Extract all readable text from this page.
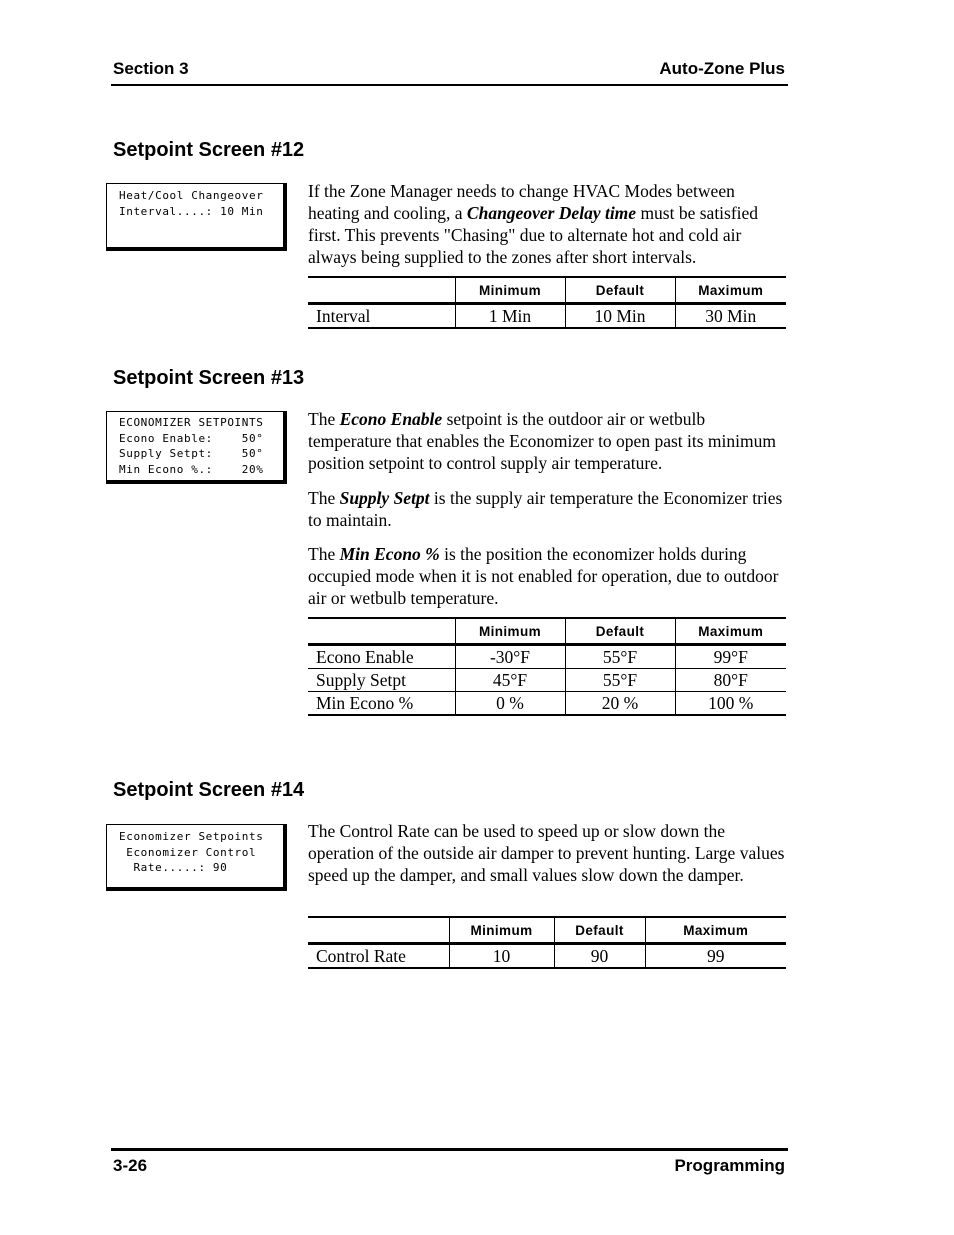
Section 3	Auto-Zone Plus
Setpoint Screen #12
Heat/Cool Changeover
Interval....: 10 Min

If the Zone Manager needs to change HVAC Modes between heating and cooling, a Changeover Delay time must be satisfied first. This prevents "Chasing" due to alternate hot and cold air always being supplied to the zones after short intervals.

	Minimum	Default	Maximum
Interval	1 Min	10 Min	30 Min
Setpoint Screen #13
ECONOMIZER SETPOINTS
Econo Enable:    50°
Supply Setpt:    50°
Min Econo %.:    20%

The Econo Enable setpoint is the outdoor air or wetbulb temperature that enables the Economizer to open past its minimum position setpoint to control supply air temperature.

The Supply Setpt is the supply air temperature the Economizer tries to maintain.

The Min Econo % is the position the economizer holds during occupied mode when it is not enabled for operation, due to outdoor air or wetbulb temperature.

	Minimum	Default	Maximum
Econo Enable	-30°F	55°F	99°F
Supply Setpt	45°F	55°F	80°F
Min Econo %	0 %	20 %	100 %
Setpoint Screen #14
Economizer Setpoints
Economizer Control
Rate.....: 90

The Control Rate can be used to speed up or slow down the operation of the outside air damper to prevent hunting. Large values speed up the damper, and small values slow down the damper.

	Minimum	Default	Maximum
Control Rate	10	90	99
3-26	Programming
